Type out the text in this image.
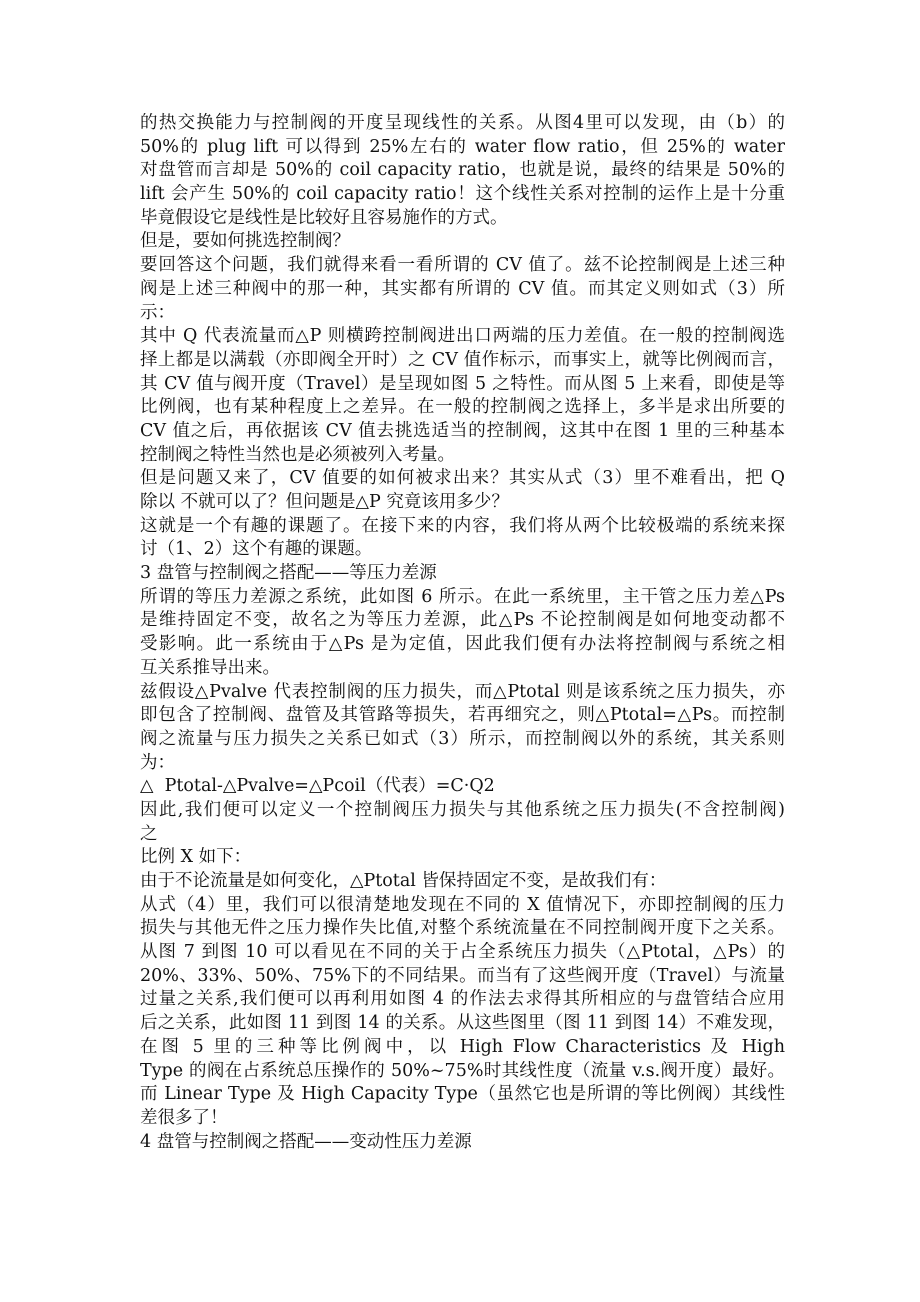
的热交换能力与控制阀的开度呈现线性的关系。从图4里可以发现，由（b）的
50%的 plug lift 可以得到 25%左右的 water flow ratio，但 25%的 water
对盘管而言却是 50%的 coil capacity ratio，也就是说，最终的结果是 50%的
lift 会产生 50%的 coil capacity ratio！这个线性关系对控制的运作上是十分重
毕竟假设它是线性是比较好且容易施作的方式。
但是，要如何挑选控制阀？
要回答这个问题，我们就得来看一看所谓的 CV 值了。兹不论控制阀是上述三种
阀是上述三种阀中的那一种，其实都有所谓的 CV 值。而其定义则如式（3）所
示：
其中 Q 代表流量而△P 则横跨控制阀进出口两端的压力差值。在一般的控制阀选
择上都是以满载（亦即阀全开时）之 CV 值作标示，而事实上，就等比例阀而言，
其 CV 值与阀开度（Travel）是呈现如图 5 之特性。而从图 5 上来看，即使是等
比例阀，也有某种程度上之差异。在一般的控制阀之选择上，多半是求出所要的
CV 值之后，再依据该 CV 值去挑选适当的控制阀，这其中在图 1 里的三种基本
控制阀之特性当然也是必须被列入考量。
但是问题又来了，CV 值要的如何被求出来？其实从式（3）里不难看出，把 Q
除以 不就可以了？但问题是△P 究竟该用多少？
这就是一个有趣的课题了。在接下来的内容，我们将从两个比较极端的系统来探
讨（1、2）这个有趣的课题。
3 盘管与控制阀之搭配——等压力差源
所谓的等压力差源之系统，此如图 6 所示。在此一系统里，主干管之压力差△Ps
是维持固定不变，故名之为等压力差源，此△Ps 不论控制阀是如何地变动都不
受影响。此一系统由于△Ps 是为定值，因此我们便有办法将控制阀与系统之相
互关系推导出来。
兹假设△Pvalve 代表控制阀的压力损失，而△Ptotal 则是该系统之压力损失，亦
即包含了控制阀、盘管及其管路等损失，若再细究之，则△Ptotal=△Ps。而控制
阀之流量与压力损失之关系已如式（3）所示，而控制阀以外的系统，其关系则
为：
△  Ptotal-△Pvalve=△Pcoil（代表）=C·Q2
因此,我们便可以定义一个控制阀压力损失与其他系统之压力损失(不含控制阀)
之
比例 X 如下：
由于不论流量是如何变化，△Ptotal 皆保持固定不变，是故我们有：
从式（4）里，我们可以很清楚地发现在不同的 X 值情况下，亦即控制阀的压力
损失与其他无件之压力操作失比值,对整个系统流量在不同控制阀开度下之关系。
从图 7 到图 10 可以看见在不同的关于占全系统压力损失（△Ptotal，△Ps）的
20%、33%、50%、75%下的不同结果。而当有了这些阀开度（Travel）与流量
过量之关系,我们便可以再利用如图 4 的作法去求得其所相应的与盘管结合应用
后之关系，此如图 11 到图 14 的关系。从这些图里（图 11 到图 14）不难发现，
在图 5 里的三种等比例阀中，以 High Flow Characteristics 及 High
Type 的阀在占系统总压操作的 50%~75%时其线性度（流量 v.s.阀开度）最好。
而 Linear Type 及 High Capacity Type（虽然它也是所谓的等比例阀）其线性
差很多了！
4 盘管与控制阀之搭配——变动性压力差源
